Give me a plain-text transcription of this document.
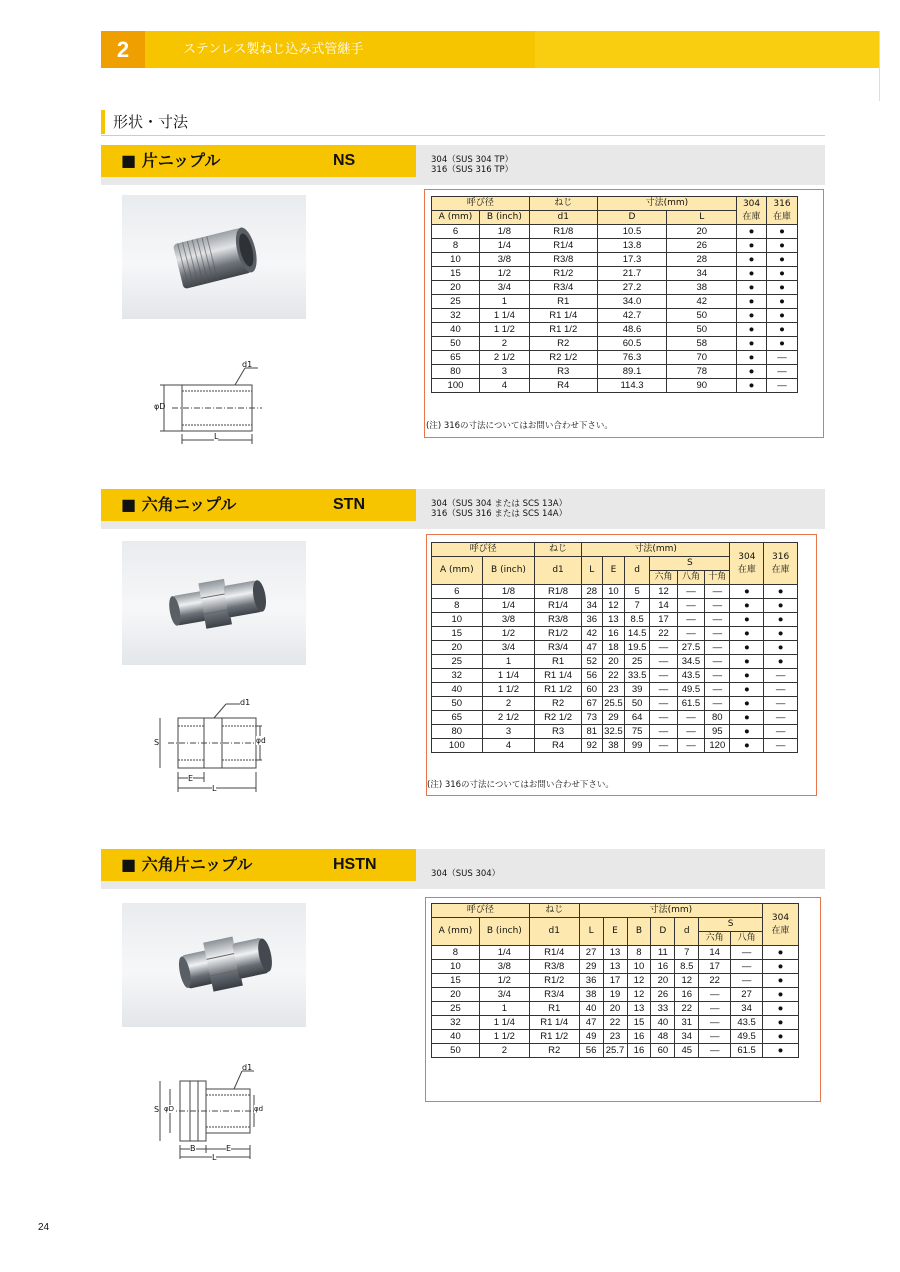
2	ステンレス製ねじ込み式管継手
形状・寸法
■ 片ニップル	NS	304（SUS 304 TP）
316（SUS 316 TP）
d1
φD
L
呼び径		ねじ	寸法(mm)		304
在庫	316
在庫
A (mm)	B (inch)	d1	D	L		
6	1/8	R1/8	10.5	20	●	●
8	1/4	R1/4	13.8	26	●	●
10	3/8	R3/8	17.3	28	●	●
15	1/2	R1/2	21.7	34	●	●
20	3/4	R3/4	27.2	38	●	●
25	1	R1	34.0	42	●	●
32	1 1/4	R1 1/4	42.7	50	●	●
40	1 1/2	R1 1/2	48.6	50	●	●
50	2	R2	60.5	58	●	●
65	2 1/2	R2 1/2	76.3	70	●	—
80	3	R3	89.1	78	●	—
100	4	R4	114.3	90	●	—
(注) 316の寸法についてはお問い合わせ下さい。
■ 六角ニップル	STN	304（SUS 304 または SCS 13A）
316（SUS 316 または SCS 14A）
d1
S	φd
E
L
呼び径		ねじ	寸法(mm)						304
在庫	316
在庫
A (mm)	B (inch)	d1	L	E	d	S				
						六角	八角	十角		
6	1/8	R1/8	28	10	5	12	—	—	●	●
8	1/4	R1/4	34	12	7	14	—	—	●	●
10	3/8	R3/8	36	13	8.5	17	—	—	●	●
15	1/2	R1/2	42	16	14.5	22	—	—	●	●
20	3/4	R3/4	47	18	19.5	—	27.5	—	●	●
25	1	R1	52	20	25	—	34.5	—	●	●
32	1 1/4	R1 1/4	56	22	33.5	—	43.5	—	●	—
40	1 1/2	R1 1/2	60	23	39	—	49.5	—	●	—
50	2	R2	67	25.5	50	—	61.5	—	●	—
65	2 1/2	R2 1/2	73	29	64	—	—	80	●	—
80	3	R3	81	32.5	75	—	—	95	●	—
100	4	R4	92	38	99	—	—	120	●	—
(注) 316の寸法についてはお問い合わせ下さい。
■ 六角片ニップル	HSTN
304（SUS 304）
d1
S φD	φd
B	E
L
呼び径		ねじ	寸法(mm)							304
在庫
A (mm)	B (inch)	d1	L	E	B	D	d	S		
								六角	八角	
8	1/4	R1/4	27	13	8	11	7	14	—	●
10	3/8	R3/8	29	13	10	16	8.5	17	—	●
15	1/2	R1/2	36	17	12	20	12	22	—	●
20	3/4	R3/4	38	19	12	26	16	—	27	●
25	1	R1	40	20	13	33	22	—	34	●
32	1 1/4	R1 1/4	47	22	15	40	31	—	43.5	●
40	1 1/2	R1 1/2	49	23	16	48	34	—	49.5	●
50	2	R2	56	25.7	16	60	45	—	61.5	●
24
